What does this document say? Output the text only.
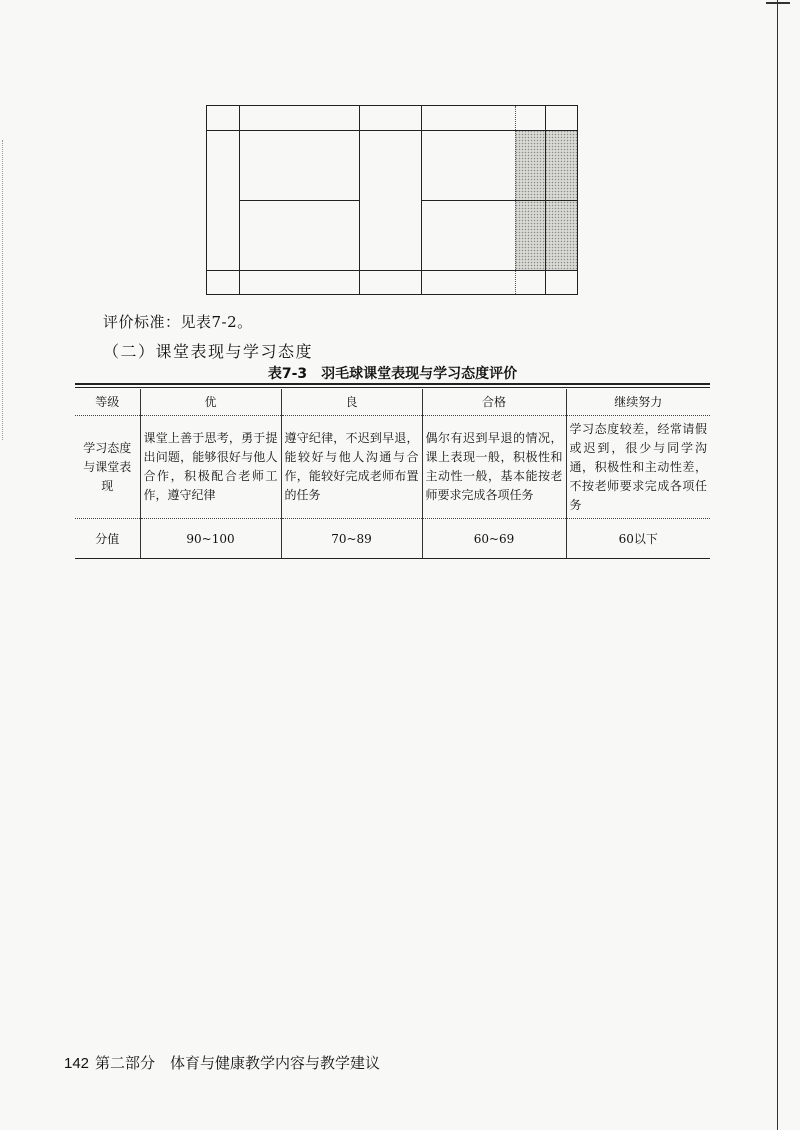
评价标准：见表7-2。
（二）课堂表现与学习态度
表7-3　羽毛球课堂表现与学习态度评价
等级	优	良	合格	继续努力
学习态度与课堂表现	课堂上善于思考，勇于提出问题，能够很好与他人合作，积极配合老师工作，遵守纪律	遵守纪律，不迟到早退，能较好与他人沟通与合作，能较好完成老师布置的任务	偶尔有迟到早退的情况，课上表现一般，积极性和主动性一般，基本能按老师要求完成各项任务	学习态度较差，经常请假或迟到，很少与同学沟通，积极性和主动性差，不按老师要求完成各项任务
分值	90~100	70~89	60~69	60以下
142 第二部分　体育与健康教学内容与教学建议
